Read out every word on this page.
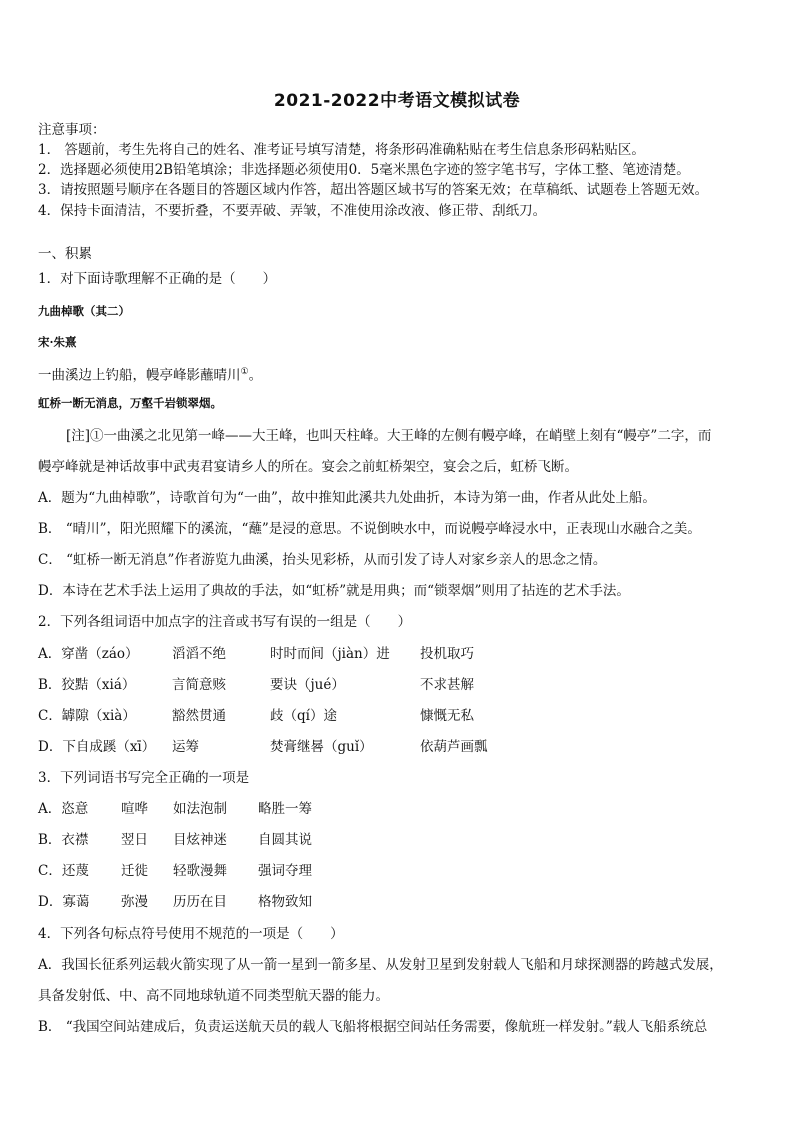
2021-2022中考语文模拟试卷
注意事项：
1． 答题前，考生先将自己的姓名、准考证号填写清楚，将条形码准确粘贴在考生信息条形码粘贴区。
2．选择题必须使用2B铅笔填涂；非选择题必须使用0．5毫米黑色字迹的签字笔书写，字体工整、笔迹清楚。
3．请按照题号顺序在各题目的答题区域内作答，超出答题区域书写的答案无效；在草稿纸、试题卷上答题无效。
4．保持卡面清洁，不要折叠，不要弄破、弄皱，不准使用涂改液、修正带、刮纸刀。
一、积累
1．对下面诗歌理解不正确的是（　　）
九曲棹歌（其二）
宋·朱熹
一曲溪边上钓船，幔亭峰影蘸晴川①。
虹桥一断无消息，万壑千岩锁翠烟。
[注]①一曲溪之北见第一峰——大王峰，也叫天柱峰。大王峰的左侧有幔亭峰，在峭壁上刻有“幔亭”二字，而
幔亭峰就是神话故事中武夷君宴请乡人的所在。宴会之前虹桥架空，宴会之后，虹桥飞断。
A．题为“九曲棹歌”，诗歌首句为“一曲”，故中推知此溪共九处曲折，本诗为第一曲，作者从此处上船。
B． “晴川”，阳光照耀下的溪流，“蘸”是浸的意思。不说倒映水中，而说幔亭峰浸水中，正表现山水融合之美。
C． “虹桥一断无消息”作者游览九曲溪，抬头见彩桥，从而引发了诗人对家乡亲人的思念之情。
D．本诗在艺术手法上运用了典故的手法，如“虹桥”就是用典；而“锁翠烟”则用了拈连的艺术手法。
2．下列各组词语中加点字的注音或书写有误的一组是（　　）
A．穿凿（záo） 滔滔不绝	时时而间（jiàn）进 投机取巧
B．狡黠（xiá）	言简意赅	要诀（jué）	不求甚解
C．罅隙（xià）	豁然贯通	歧（qí）途	慷慨无私
D．下自成蹊（xī） 运筹	焚膏继晷（guǐ）	依葫芦画瓢
3．下列词语书写完全正确的一项是
A．恣意 喧哗 如法泡制 略胜一筹
B．衣襟 翌日 目炫神迷 自圆其说
C．还蔑 迁徙 轻歌漫舞 强词夺理
D．寡蔼 弥漫 历历在目 格物致知
4．下列各句标点符号使用不规范的一项是（　　）
A．我国长征系列运载火箭实现了从一箭一星到一箭多星、从发射卫星到发射载人飞船和月球探测器的跨越式发展，
具备发射低、中、高不同地球轨道不同类型航天器的能力。
B． “我国空间站建成后，负责运送航天员的载人飞船将根据空间站任务需要，像航班一样发射。”载人飞船系统总
